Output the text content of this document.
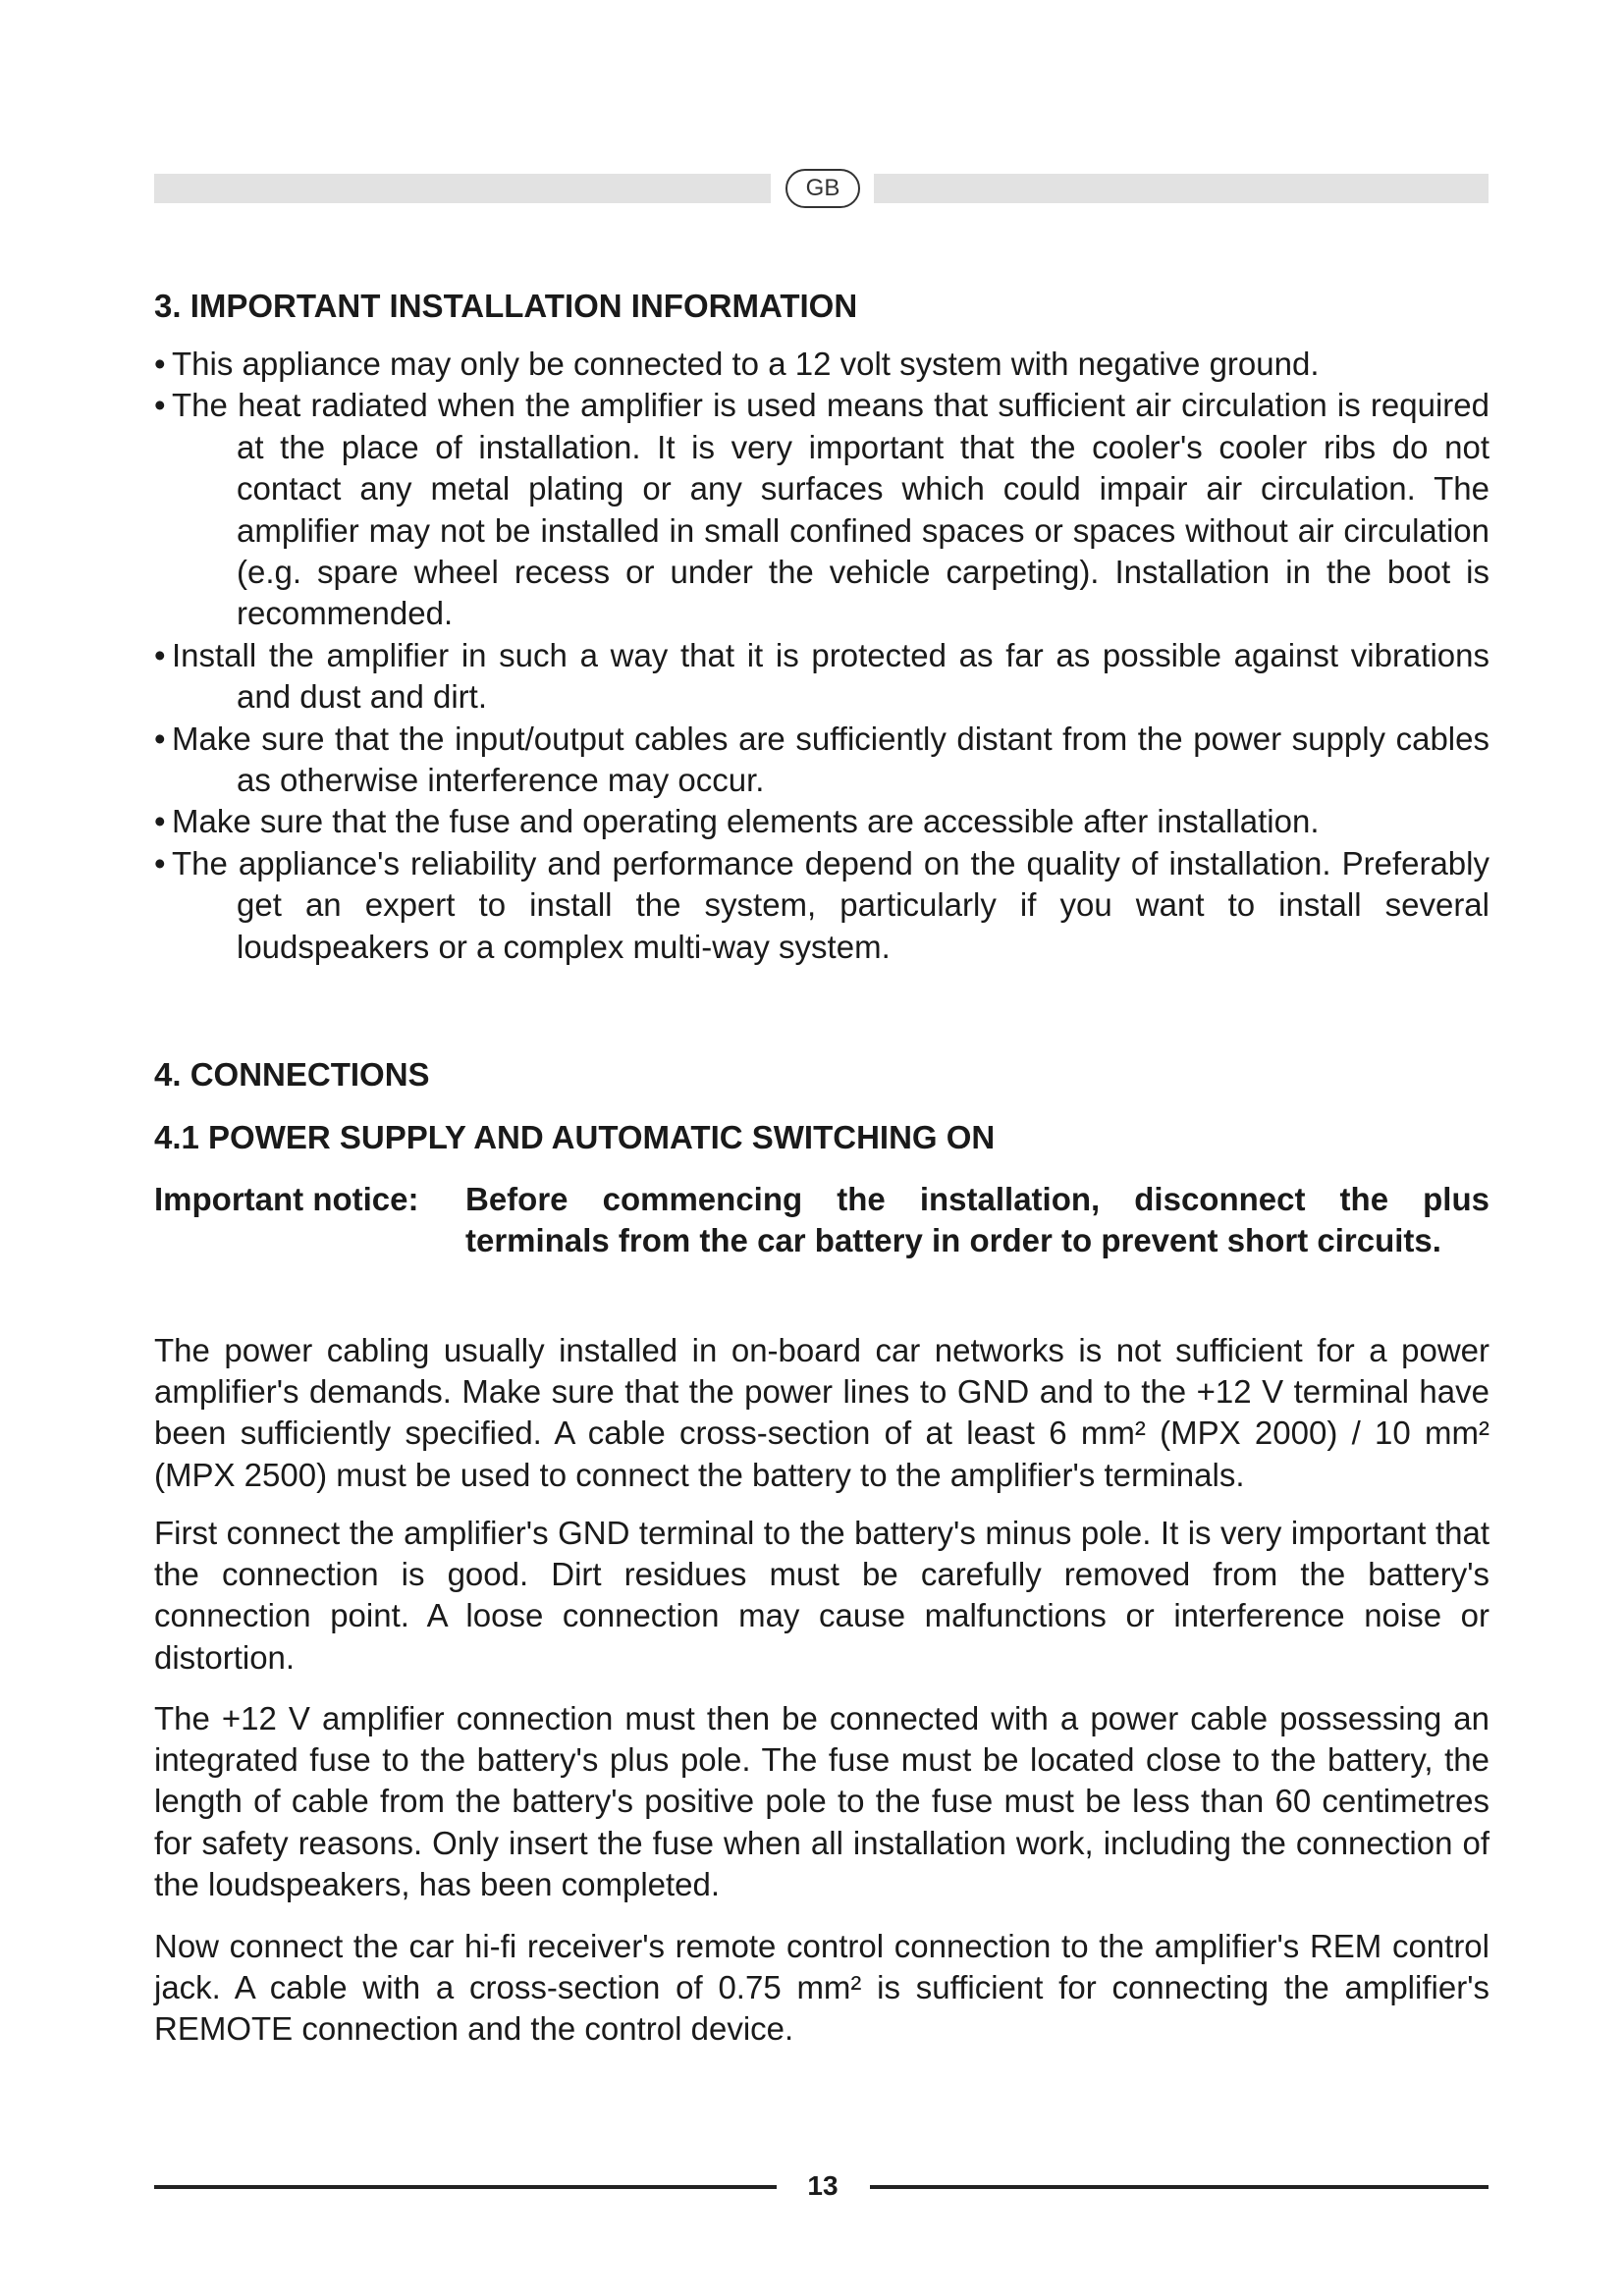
GB
3. IMPORTANT INSTALLATION INFORMATION
• This appliance may only be connected to a 12 volt system with negative ground.
• The heat radiated when the amplifier is used means that sufficient air circulation is required at the place of installation. It is very important that the cooler's cooler ribs do not contact any metal plating or any surfaces which could impair air circulation. The amplifier may not be installed in small confined spaces or spaces without air circulation (e.g. spare wheel recess or under the vehicle carpeting). Installation in the boot is recommended.
• Install the amplifier in such a way that it is protected as far as possible against vibrations and dust and dirt.
• Make sure that the input/output cables are sufficiently distant from the power supply cables as otherwise interference may occur.
• Make sure that the fuse and operating elements are accessible after installation.
• The appliance's reliability and performance depend on the quality of installation. Preferably get an expert to install the system, particularly if you want to install several loudspeakers or a complex multi-way system.
4. CONNECTIONS
4.1 POWER SUPPLY AND AUTOMATIC SWITCHING ON
Important notice: Before commencing the installation, disconnect the plus terminals from the car battery in order to prevent short circuits.

The power cabling usually installed in on-board car networks is not sufficient for a power amplifier's demands. Make sure that the power lines to GND and to the +12 V terminal have been sufficiently specified. A cable cross-section of at least 6 mm² (MPX 2000) / 10 mm² (MPX 2500) must be used to connect the battery to the amplifier's terminals.

First connect the amplifier's GND terminal to the battery's minus pole. It is very important that the connection is good. Dirt residues must be carefully removed from the battery's connection point. A loose connection may cause malfunctions or interference noise or distortion.

The +12 V amplifier connection must then be connected with a power cable possessing an integrated fuse to the battery's plus pole. The fuse must be located close to the battery, the length of cable from the battery's positive pole to the fuse must be less than 60 centimetres for safety reasons. Only insert the fuse when all installation work, including the connection of the loudspeakers, has been completed.

Now connect the car hi-fi receiver's remote control connection to the amplifier's REM control jack. A cable with a cross-section of 0.75 mm² is sufficient for connecting the amplifier's REMOTE connection and the control device.

13
